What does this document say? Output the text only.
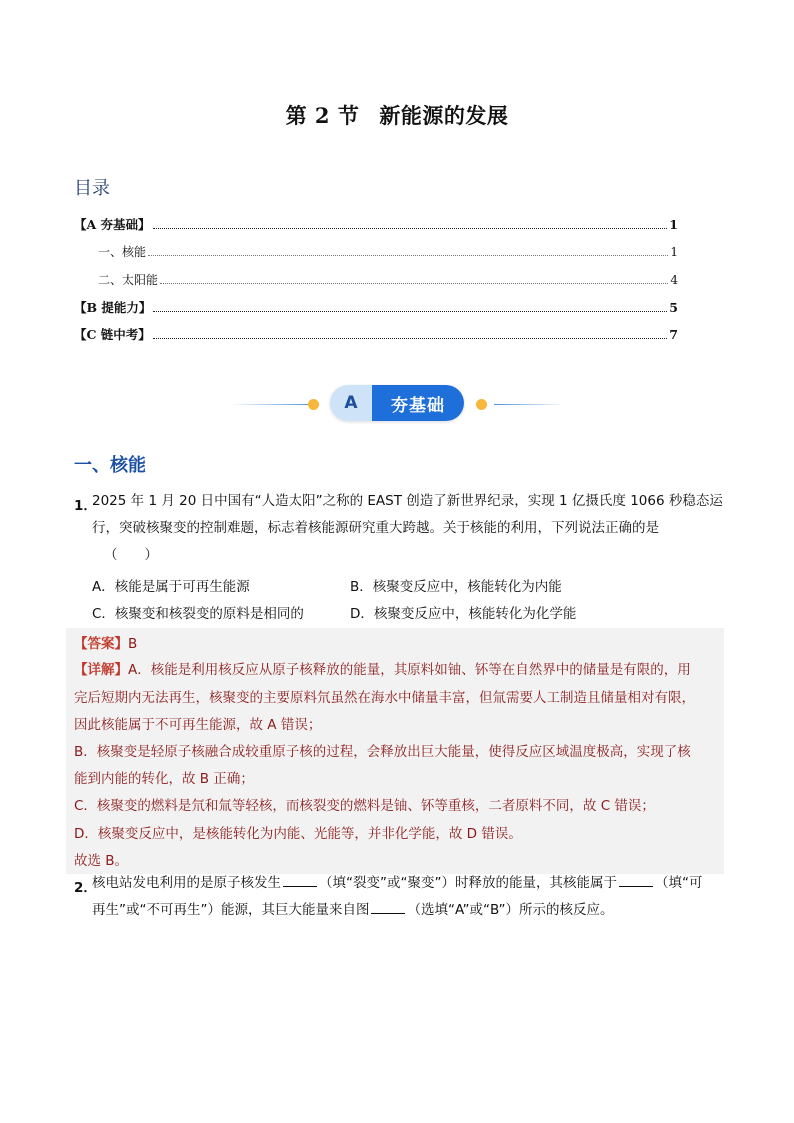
第 2 节 新能源的发展
目录
【A 夯基础】	1
一、核能	1
二、太阳能	4
【B 提能力】	5
【C 链中考】	7
A	夯基础
一、核能
1．
2025 年 1 月 20 日中国有“人造太阳”之称的 EAST 创造了新世界纪录，实现 1 亿摄氏度 1066 秒稳态运
行，突破核聚变的控制难题，标志着核能源研究重大跨越。关于核能的利用，下列说法正确的是
（　　）
A．核能是属于可再生能源	B．核聚变反应中，核能转化为内能
C．核聚变和核裂变的原料是相同的	D．核聚变反应中，核能转化为化学能
【答案】B
【详解】A．核能是利用核反应从原子核释放的能量，其原料如铀、钚等在自然界中的储量是有限的，用
完后短期内无法再生，核聚变的主要原料氘虽然在海水中储量丰富，但氚需要人工制造且储量相对有限，
因此核能属于不可再生能源，故 A 错误；
B．核聚变是轻原子核融合成较重原子核的过程，会释放出巨大能量，使得反应区域温度极高，实现了核
能到内能的转化，故 B 正确；
C．核聚变的燃料是氘和氚等轻核，而核裂变的燃料是铀、钚等重核，二者原料不同，故 C 错误；
D．核聚变反应中，是核能转化为内能、光能等，并非化学能，故 D 错误。
故选 B。
2．
核电站发电利用的是原子核发生	（填“裂变”或“聚变”）时释放的能量，其核能属于	（填“可
再生”或“不可再生”）能源，其巨大能量来自图	（选填“A”或“B”）所示的核反应。
